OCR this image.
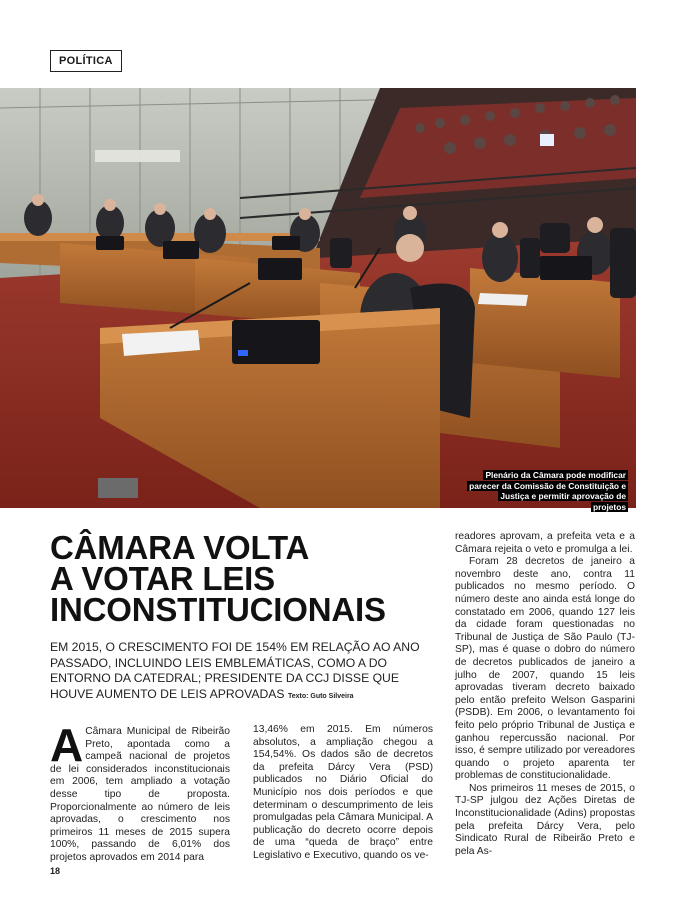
POLÍTICA
Plenário da Câmara pode modificar parecer da Comissão de Constituição e Justiça e permitir aprovação de projetos
CÂMARA VOLTA
A VOTAR LEIS
INCONSTITUCIONAIS

EM 2015, O CRESCIMENTO FOI DE 154% EM RELAÇÃO AO ANO PASSADO, INCLUINDO LEIS EMBLEMÁTICAS, COMO A DO ENTORNO DA CATEDRAL; PRESIDENTE DA CCJ DISSE QUE HOUVE AUMENTO DE LEIS APROVADAS Texto: Guto Silveira

A Câmara Municipal de Ribeirão Preto, apontada como a campeã nacional de projetos de lei considerados inconstitucionais em 2006, tem ampliado a votação desse tipo de proposta. Proporcionalmente ao número de leis aprovadas, o crescimento nos primeiros 11 meses de 2015 supera 100%, passando de 6,01% dos projetos aprovados em 2014 para

13,46% em 2015. Em números absolutos, a ampliação chegou a 154,54%. Os dados são de decretos da prefeita Dárcy Vera (PSD) publicados no Diário Oficial do Município nos dois períodos e que determinam o descumprimento de leis promulgadas pela Câmara Municipal. A publicação do decreto ocorre depois de uma “queda de braço” entre Legislativo e Executivo, quando os ve-

readores aprovam, a prefeita veta e a Câmara rejeita o veto e promulga a lei.

Foram 28 decretos de janeiro a novembro deste ano, contra 11 publicados no mesmo período. O número deste ano ainda está longe do constatado em 2006, quando 127 leis da cidade foram questionadas no Tribunal de Justiça de São Paulo (TJ-SP), mas é quase o dobro do número de decretos publicados de janeiro a julho de 2007, quando 15 leis aprovadas tiveram decreto baixado pelo então prefeito Welson Gasparini (PSDB). Em 2006, o levantamento foi feito pelo próprio Tribunal de Justiça e ganhou repercussão nacional. Por isso, é sempre utilizado por vereadores quando o projeto aparenta ter problemas de constitucionalidade.

Nos primeiros 11 meses de 2015, o TJ-SP julgou dez Ações Diretas de Inconstitucionalidade (Adins) propostas pela prefeita Dárcy Vera, pelo Sindicato Rural de Ribeirão Preto e pela As-

18
